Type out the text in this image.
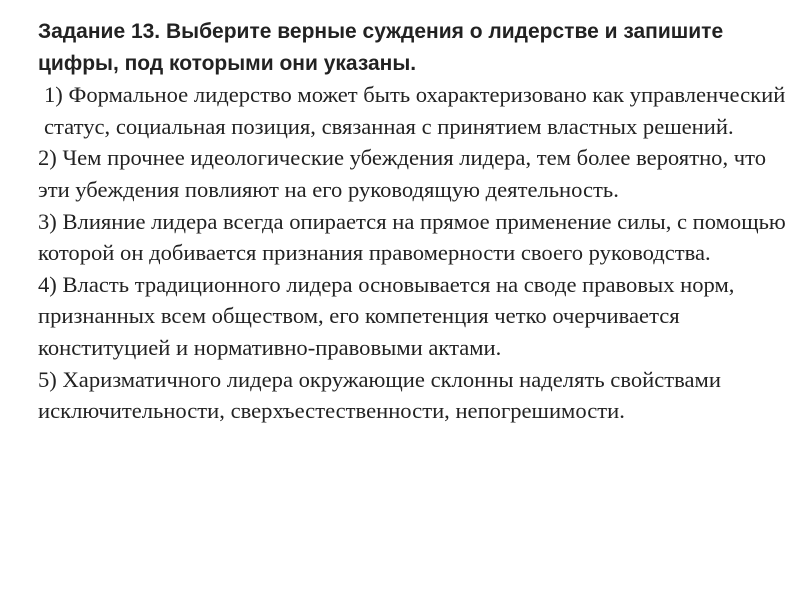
Задание 13. Выберите верные суждения о лидерстве и запишите цифры, под которыми они указаны.

1) Формальное лидерство может быть охарактеризовано как управленческий статус, социальная позиция, связанная с принятием властных решений.

2) Чем прочнее идеологические убеждения лидера, тем более вероятно, что эти убеждения повлияют на его руководящую деятельность.

3) Влияние лидера всегда опирается на прямое применение силы, с помощью которой он добивается признания правомерности своего руководства.

4) Власть традиционного лидера основывается на своде правовых норм, признанных всем обществом, его компетенция четко очерчивается конституцией и нормативно-правовыми актами.

5) Харизматичного лидера окружающие склонны наделять свойствами исключительности, сверхъестественности, непогрешимости.
